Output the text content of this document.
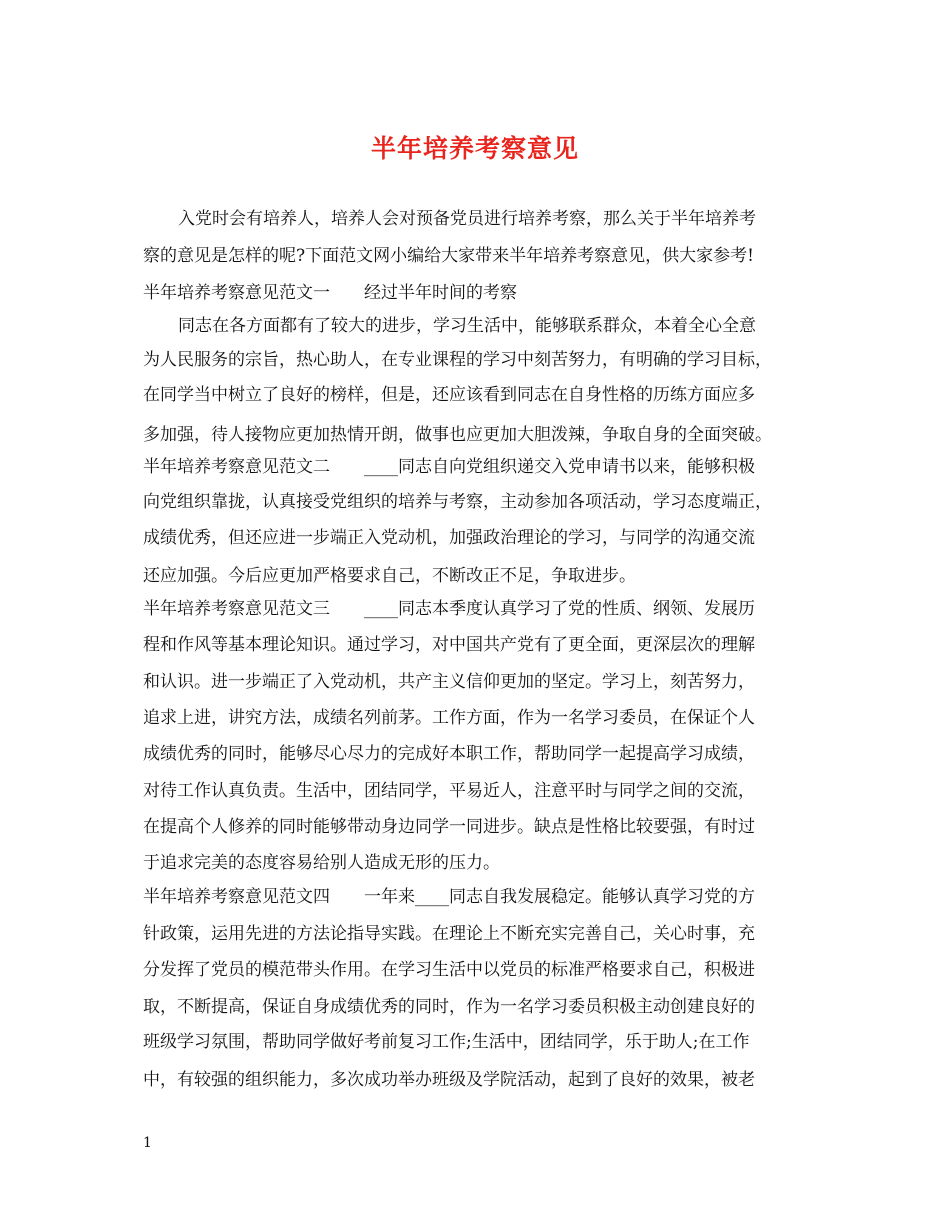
半年培养考察意见
入党时会有培养人，培养人会对预备党员进行培养考察，那么关于半年培养考
察的意见是怎样的呢?下面范文网小编给大家带来半年培养考察意见，供大家参考!
半年培养考察意见范文一　　经过半年时间的考察
同志在各方面都有了较大的进步，学习生活中，能够联系群众，本着全心全意
为人民服务的宗旨，热心助人，在专业课程的学习中刻苦努力，有明确的学习目标，
在同学当中树立了良好的榜样，但是，还应该看到同志在自身性格的历练方面应多
多加强，待人接物应更加热情开朗，做事也应更加大胆泼辣，争取自身的全面突破。
半年培养考察意见范文二　　____同志自向党组织递交入党申请书以来，能够积极
向党组织靠拢，认真接受党组织的培养与考察，主动参加各项活动，学习态度端正，
成绩优秀，但还应进一步端正入党动机，加强政治理论的学习，与同学的沟通交流
还应加强。今后应更加严格要求自己，不断改正不足，争取进步。
半年培养考察意见范文三　　____同志本季度认真学习了党的性质、纲领、发展历
程和作风等基本理论知识。通过学习，对中国共产党有了更全面，更深层次的理解
和认识。进一步端正了入党动机，共产主义信仰更加的坚定。学习上，刻苦努力，
追求上进，讲究方法，成绩名列前茅。工作方面，作为一名学习委员，在保证个人
成绩优秀的同时，能够尽心尽力的完成好本职工作，帮助同学一起提高学习成绩，
对待工作认真负责。生活中，团结同学，平易近人，注意平时与同学之间的交流，
在提高个人修养的同时能够带动身边同学一同进步。缺点是性格比较要强，有时过
于追求完美的态度容易给别人造成无形的压力。
半年培养考察意见范文四　　一年来____同志自我发展稳定。能够认真学习党的方
针政策，运用先进的方法论指导实践。在理论上不断充实完善自己，关心时事，充
分发挥了党员的模范带头作用。在学习生活中以党员的标准严格要求自己，积极进
取，不断提高，保证自身成绩优秀的同时，作为一名学习委员积极主动创建良好的
班级学习氛围，帮助同学做好考前复习工作;生活中，团结同学，乐于助人;在工作
中，有较强的组织能力，多次成功举办班级及学院活动，起到了良好的效果，被老
1
